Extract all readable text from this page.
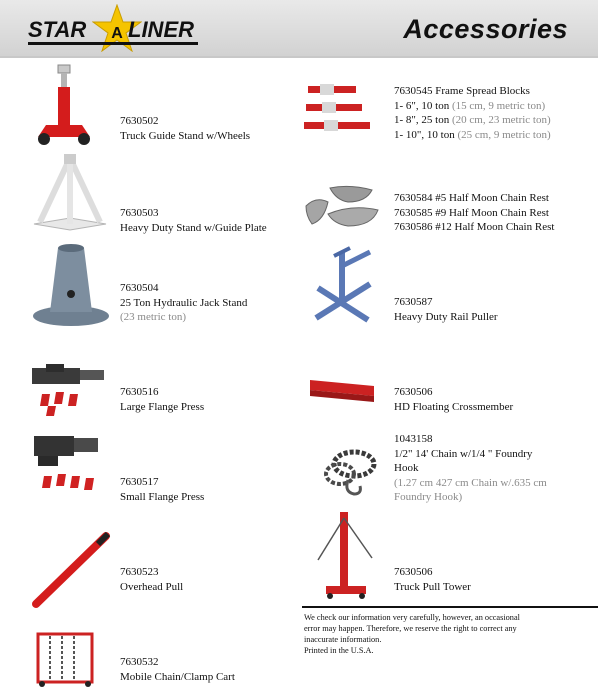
STAR A LINER	Accessories
7630502
Truck Guide Stand w/Wheels
7630503
Heavy Duty Stand w/Guide Plate
7630504
25 Ton Hydraulic Jack Stand
(23 metric ton)
7630516
Large Flange Press
7630517
Small Flange Press
7630523
Overhead Pull
7630532
Mobile Chain/Clamp Cart
7630545 Frame Spread Blocks
1- 6", 10 ton (15 cm, 9 metric ton)
1- 8", 25 ton (20 cm, 23 metric ton)
1- 10", 10 ton (25 cm, 9 metric ton)
7630584 #5 Half Moon Chain Rest
7630585 #9 Half Moon Chain Rest
7630586 #12 Half Moon Chain Rest
7630587
Heavy Duty Rail Puller
7630506
HD Floating Crossmember
1043158
1/2" 14' Chain w/1/4 " Foundry
Hook
(1.27 cm 427 cm Chain w/.635 cm
Foundry Hook)
7630506
Truck Pull Tower
We check our information very carefully, however, an occasional
error may happen. Therefore, we reserve the right to correct any
inaccurate information.
Printed in the U.S.A.
